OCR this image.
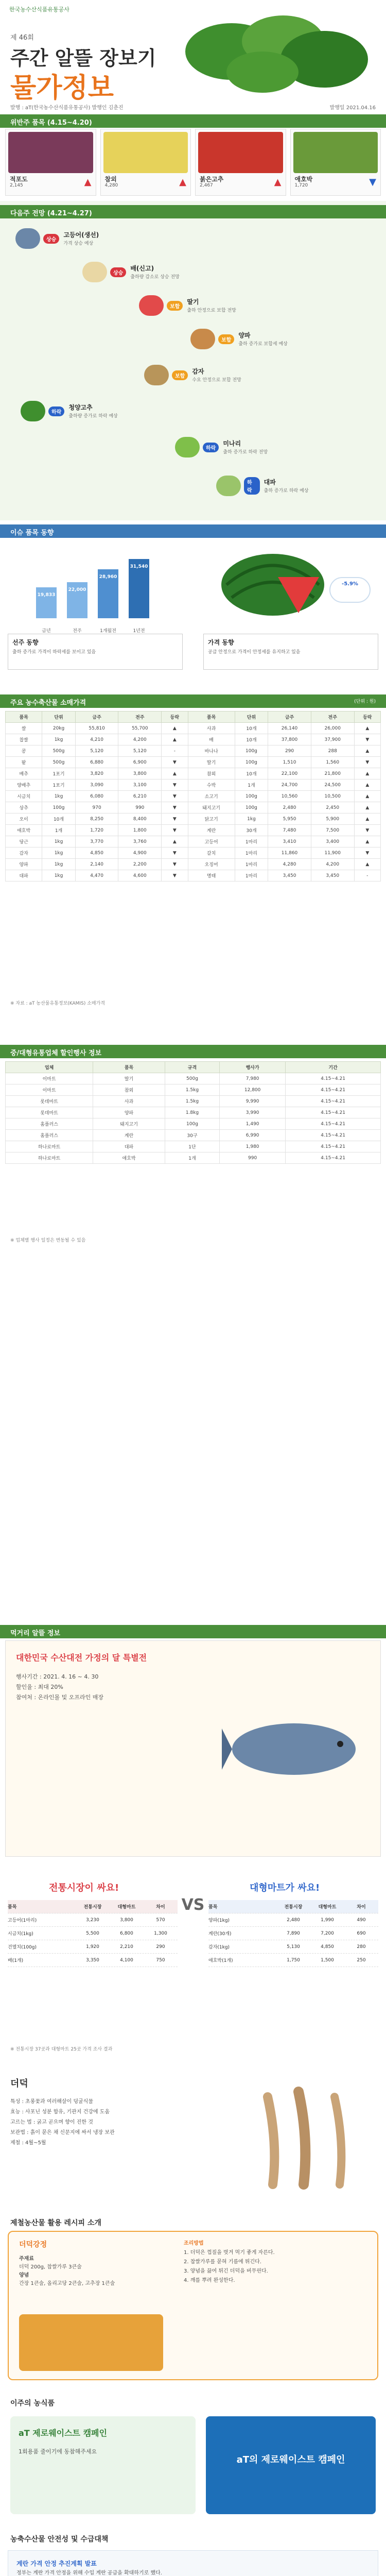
한국농수산식품유통공사
제 46회
주간 알뜰 장보기
물가정보
발행 : aT(한국농수산식품유통공사) 발행인 김춘진	발행일 2021.04.16
위반주 품목 (4.15~4.20)
적포도
2,145	▲ 참외
4,280	▲ 붉은고추
2,467	▲ 애호박
1,720	▼
다음주 전망 (4.21~4.27)
상승
고등어(생선)
가격 상승 예상
상승
배(신고)
출하량 감소로 상승 전망
보합
딸기
출하 안정으로 보합 전망
보합
양파
출하 증가로 보합세 예상
보합
감자
수요 안정으로 보합 전망
하락
청양고추
출하량 증가로 하락 예상
하락
미나리
출하 증가로 하락 전망
하락
대파
출하 증가로 하락 예상
이슈 품목 동향
19,833
금년
22,000
전주
28,960
1개월전
31,540
1년전
-5.9%
선주 동향
출하 증가로 가격이 하락세를 보이고 있음
가격 동향
공급 안정으로 가격이 안정세를 유지하고 있음
주요 농수축산물 소매가격	(단위 : 원)
품목	단위	금주	전주	등락	품목	단위	금주	전주	등락
쌀	20kg	55,810	55,700	▲	사과	10개	26,140	26,000	▲
찹쌀	1kg	4,210	4,200	▲	배	10개	37,800	37,900	▼
콩	500g	5,120	5,120	-	바나나	100g	290	288	▲
팥	500g	6,880	6,900	▼	딸기	100g	1,510	1,560	▼
배추	1포기	3,820	3,800	▲	참외	10개	22,100	21,800	▲
양배추	1포기	3,090	3,100	▼	수박	1개	24,700	24,500	▲
시금치	1kg	6,080	6,210	▼	소고기	100g	10,560	10,500	▲
상추	100g	970	990	▼	돼지고기	100g	2,480	2,450	▲
오이	10개	8,250	8,400	▼	닭고기	1kg	5,950	5,900	▲
애호박	1개	1,720	1,800	▼	계란	30개	7,480	7,500	▼
당근	1kg	3,770	3,760	▲	고등어	1마리	3,410	3,400	▲
감자	1kg	4,850	4,900	▼	갈치	1마리	11,860	11,900	▼
양파	1kg	2,140	2,200	▼	오징어	1마리	4,280	4,200	▲
대파	1kg	4,470	4,600	▼	명태	1마리	3,450	3,450	-
※ 자료 : aT 농산물유통정보(KAMIS) 소매가격
중/대형유통업체 할인행사 정보
업체	품목	규격	행사가	기간
이마트	딸기	500g	7,980	4.15~4.21
이마트	참외	1.5kg	12,800	4.15~4.21
롯데마트	사과	1.5kg	9,990	4.15~4.21
롯데마트	양파	1.8kg	3,990	4.15~4.21
홈플러스	돼지고기	100g	1,490	4.15~4.21
홈플러스	계란	30구	6,990	4.15~4.21
하나로마트	대파	1단	1,980	4.15~4.21
하나로마트	애호박	1개	990	4.15~4.21
※ 업체별 행사 일정은 변동될 수 있음
먹거리 알뜰 정보
대한민국 수산대전 가정의 달 특별전
행사기간 : 2021. 4. 16 ~ 4. 30
할인율 : 최대 20%
참여처 : 온라인몰 및 오프라인 매장
전통시장이 싸요!
품목	전통시장	대형마트	차이
고등어(1마리)	3,230	3,800	570
시금치(1kg)	5,500	6,800	1,300
건멸치(100g)	1,920	2,210	290
배(1개)	3,350	4,100	750
VS
대형마트가 싸요!
품목	전통시장	대형마트	차이
양파(1kg)	2,480	1,990	490
계란(30개)	7,890	7,200	690
감자(1kg)	5,130	4,850	280
애호박(1개)	1,750	1,500	250
※ 전통시장 37곳과 대형마트 25곳 가격 조사 결과
더덕
특성 : 초롱꽃과 여러해살이 덩굴식물
효능 : 사포닌 성분 함유, 기관지 건강에 도움
고르는 법 : 굵고 곧으며 향이 진한 것
보관법 : 흙이 묻은 채 신문지에 싸서 냉장 보관
제철 : 4월~5월
제철농산물 활용 레시피 소개
더덕강정
주재료
더덕 200g, 찹쌀가루 3큰술
양념
간장 1큰술, 올리고당 2큰술, 고추장 1큰술
조리방법
1. 더덕은 껍질을 벗겨 먹기 좋게 자른다.
2. 찹쌀가루를 묻혀 기름에 튀긴다.
3. 양념을 끓여 튀긴 더덕을 버무린다.
4. 깨를 뿌려 완성한다.
이주의 농식품
aT 제로웨이스트 캠페인
1회용품 줄이기에 동참해주세요
aT의 제로웨이스트 캠페인
농축수산물 안전성 및 수급대책
계란 가격 안정 추진계획 발표
정부는 계란 가격 안정을 위해 수입 계란 공급을 확대하기로 했다.
